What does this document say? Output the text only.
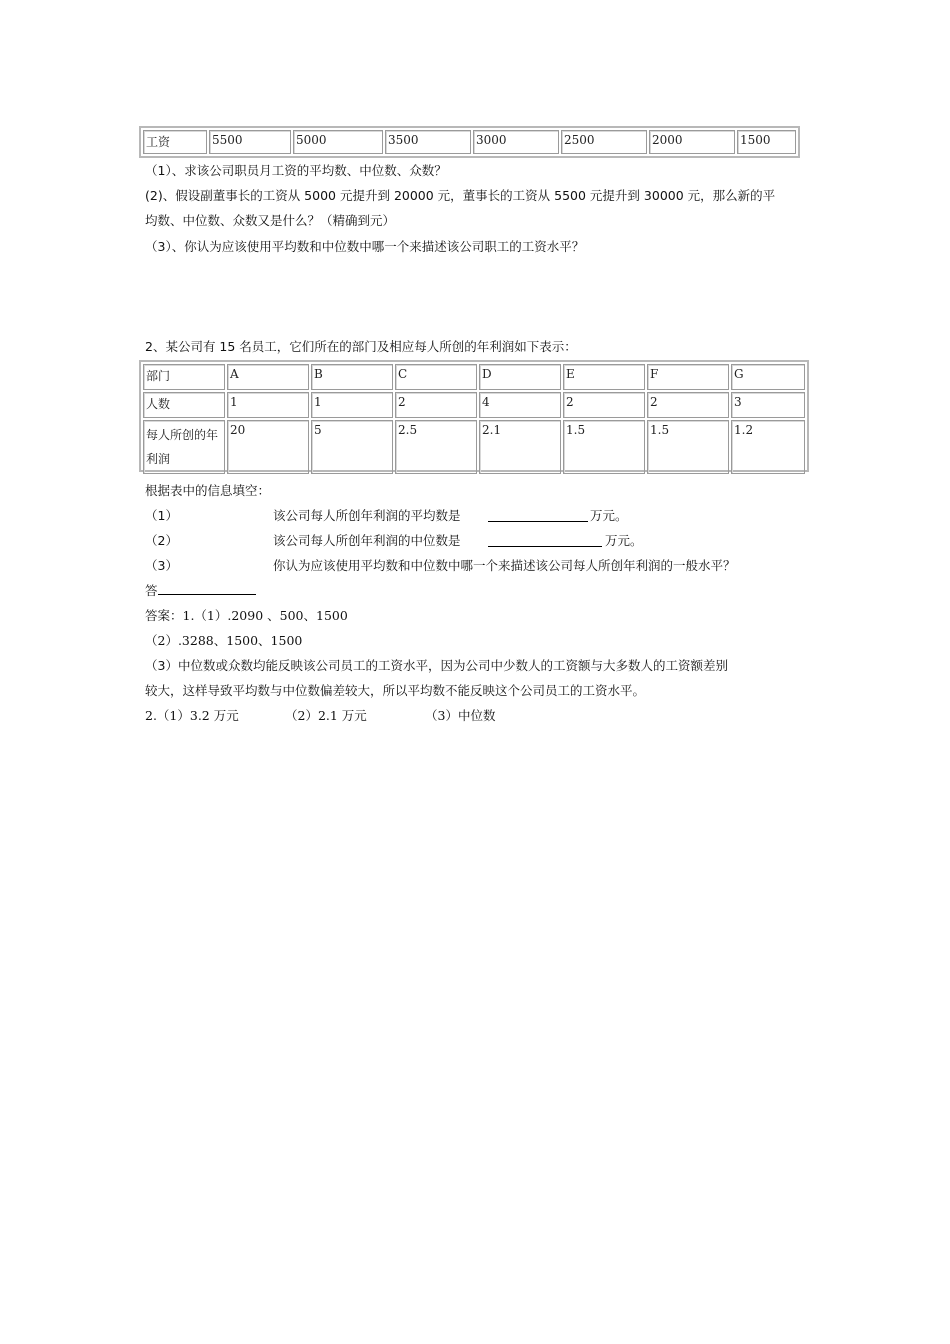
工资	5500	5000	3500	3000	2500	2000	1500
（1）、求该公司职员月工资的平均数、中位数、众数？
(2)、假设副董事长的工资从 5000 元提升到 20000 元，董事长的工资从 5500 元提升到 30000 元，那么新的平
均数、中位数、众数又是什么？（精确到元）
（3）、你认为应该使用平均数和中位数中哪一个来描述该公司职工的工资水平？
2、某公司有 15 名员工，它们所在的部门及相应每人所创的年利润如下表示：
部门	A	B	C	D	E	F	G
人数	1	1	2	4	2	2	3
每人所创的年利润	20	5	2.5	2.1	1.5	1.5	1.2
根据表中的信息填空：
（1）	该公司每人所创年利润的平均数是	万元。
（2）	该公司每人所创年利润的中位数是	万元。
（3）	你认为应该使用平均数和中位数中哪一个来描述该公司每人所创年利润的一般水平？
答
答案：1.（1）.2090 、500、1500
（2）.3288、1500、1500
（3）中位数或众数均能反映该公司员工的工资水平，因为公司中少数人的工资额与大多数人的工资额差别
较大，这样导致平均数与中位数偏差较大，所以平均数不能反映这个公司员工的工资水平。
2.（1）3.2 万元	（2）2.1 万元	（3）中位数
